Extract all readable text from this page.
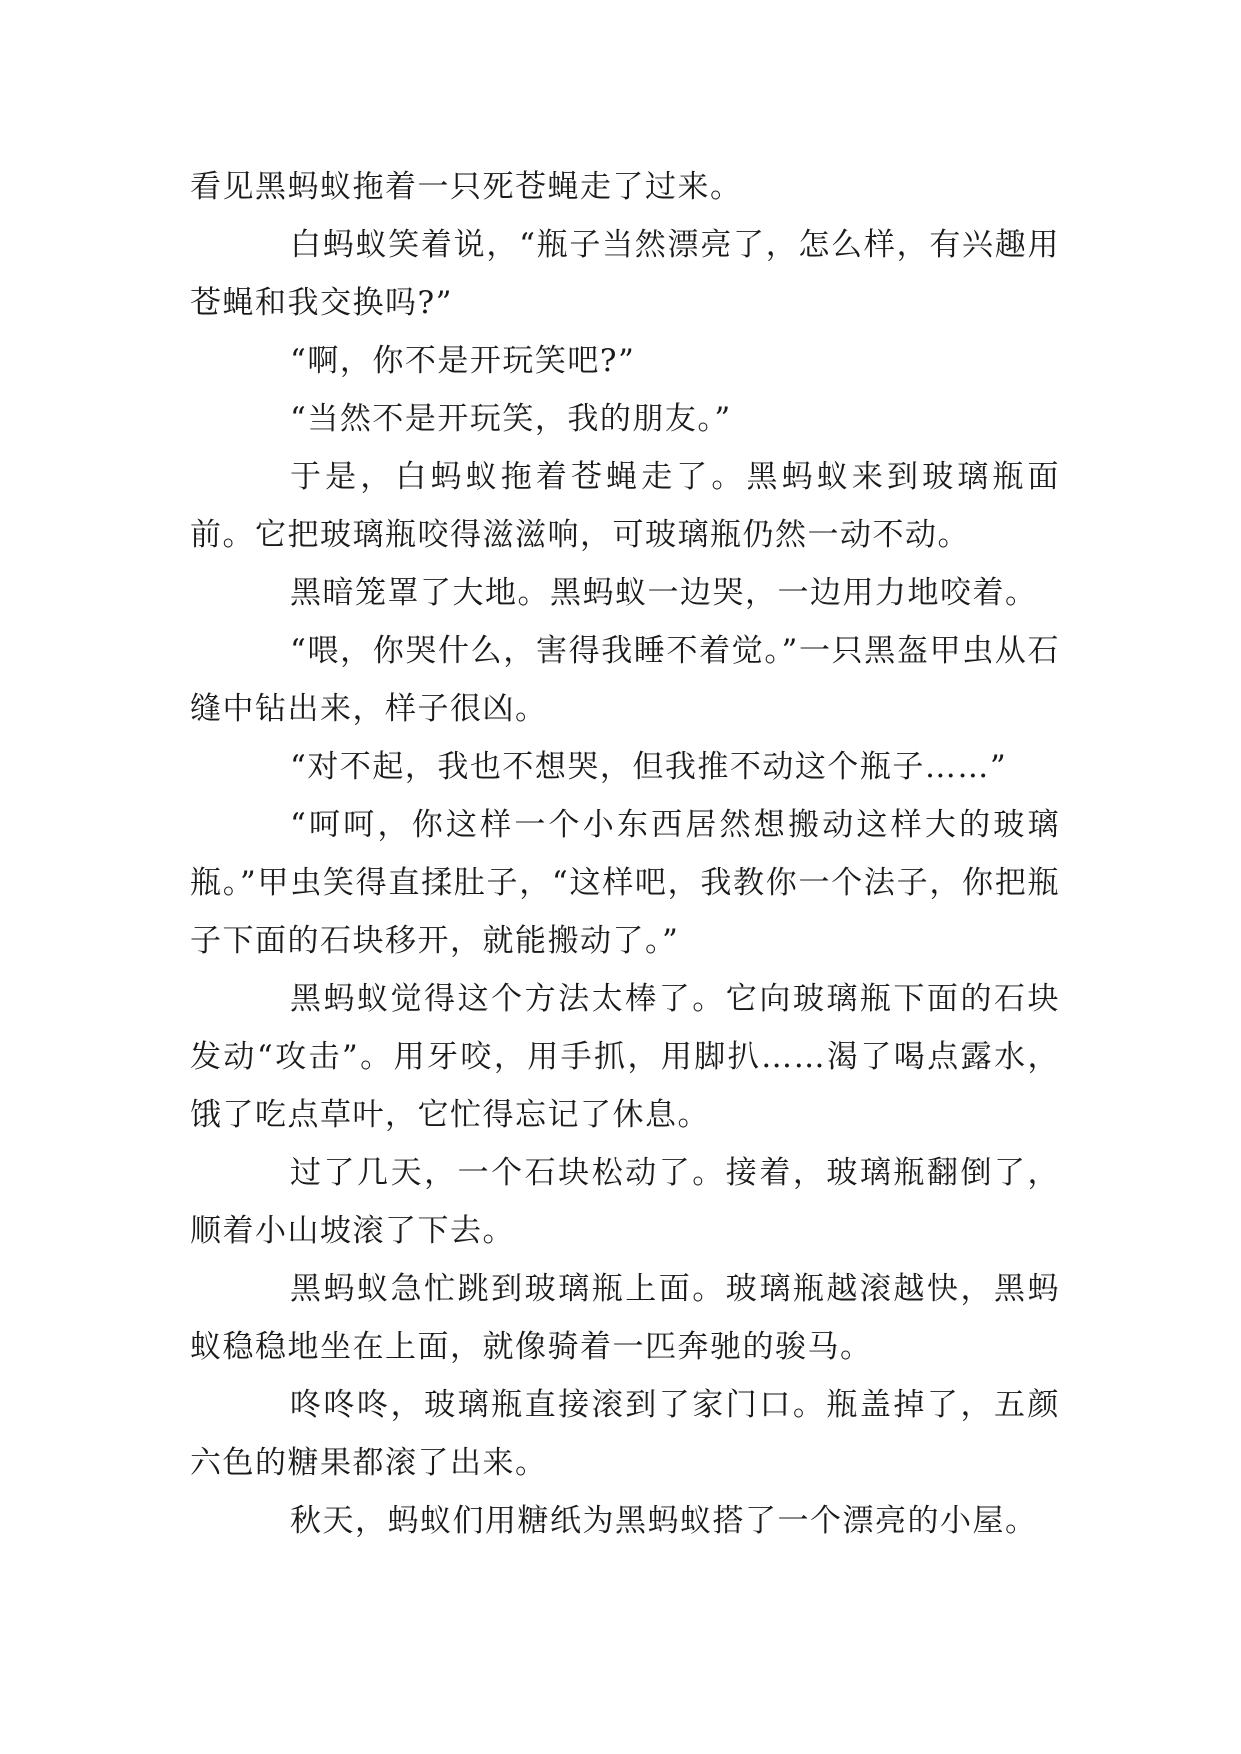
看见黑蚂蚁拖着一只死苍蝇走了过来。

白蚂蚁笑着说，“瓶子当然漂亮了，怎么样，有兴趣用苍蝇和我交换吗?”

“啊，你不是开玩笑吧?”

“当然不是开玩笑，我的朋友。”

于是，白蚂蚁拖着苍蝇走了。黑蚂蚁来到玻璃瓶面前。它把玻璃瓶咬得滋滋响，可玻璃瓶仍然一动不动。

黑暗笼罩了大地。黑蚂蚁一边哭，一边用力地咬着。

“喂，你哭什么，害得我睡不着觉。”一只黑盔甲虫从石缝中钻出来，样子很凶。

“对不起，我也不想哭，但我推不动这个瓶子……”

“呵呵，你这样一个小东西居然想搬动这样大的玻璃瓶。”甲虫笑得直揉肚子，“这样吧，我教你一个法子，你把瓶子下面的石块移开，就能搬动了。”

黑蚂蚁觉得这个方法太棒了。它向玻璃瓶下面的石块发动“攻击”。用牙咬，用手抓，用脚扒……渴了喝点露水，饿了吃点草叶，它忙得忘记了休息。

过了几天，一个石块松动了。接着，玻璃瓶翻倒了，顺着小山坡滚了下去。

黑蚂蚁急忙跳到玻璃瓶上面。玻璃瓶越滚越快，黑蚂蚁稳稳地坐在上面，就像骑着一匹奔驰的骏马。

咚咚咚，玻璃瓶直接滚到了家门口。瓶盖掉了，五颜六色的糖果都滚了出来。

秋天，蚂蚁们用糖纸为黑蚂蚁搭了一个漂亮的小屋。
